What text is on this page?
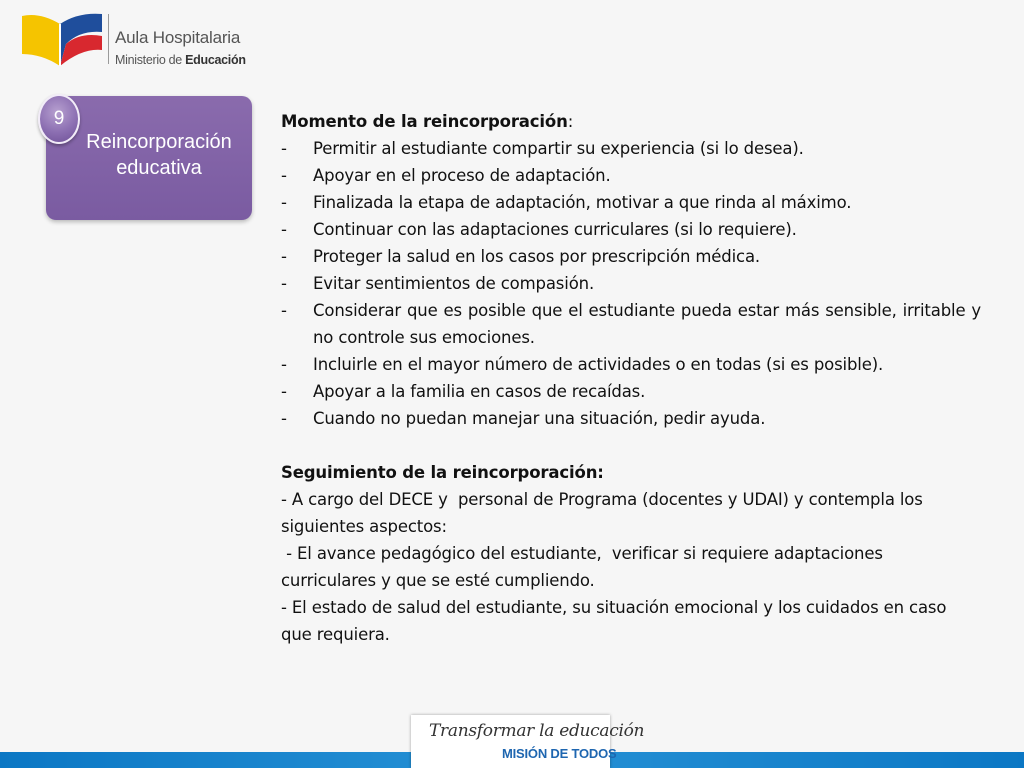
Aula Hospitalaria
Ministerio de Educación
Reincorporación
educativa
9	Momento de la reincorporación:

- Permitir al estudiante compartir su experiencia (si lo desea).
- Apoyar en el proceso de adaptación.
- Finalizada la etapa de adaptación, motivar a que rinda al máximo.
- Continuar con las adaptaciones curriculares (si lo requiere).
- Proteger la salud en los casos por prescripción médica.
- Evitar sentimientos de compasión.
- Considerar que es posible que el estudiante pueda estar más sensible, irritable y no controle sus emociones.
- Incluirle en el mayor número de actividades o en todas (si es posible).
- Apoyar a la familia en casos de recaídas.
- Cuando no puedan manejar una situación, pedir ayuda.

Seguimiento de la reincorporación:

- A cargo del DECE y  personal de Programa (docentes y UDAI) y contempla los siguientes aspectos:

- El avance pedagógico del estudiante,  verificar si requiere adaptaciones curriculares y que se esté cumpliendo.

- El estado de salud del estudiante, su situación emocional y los cuidados en caso que requiera.

Transformar la educación
MISIÓN DE TODOS
